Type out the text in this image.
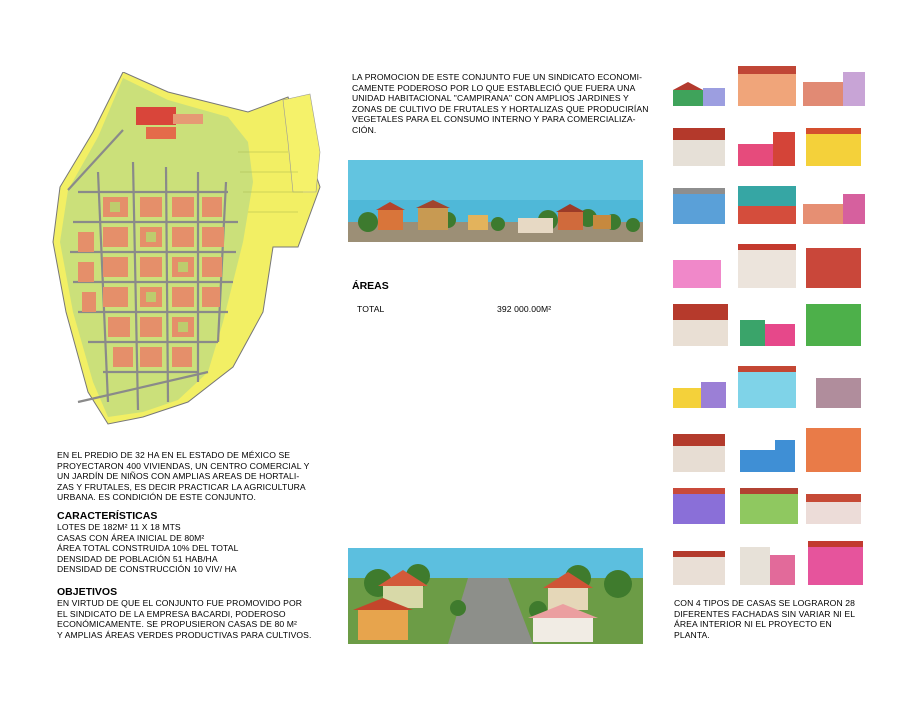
LA PROMOCION DE ESTE CONJUNTO FUE UN SINDICATO ECONOMI-
CAMENTE PODEROSO POR LO QUE ESTABLECIÓ QUE FUERA UNA
UNIDAD HABITACIONAL "CAMPIRANA" CON AMPLIOS JARDINES Y
ZONAS DE CULTIVO DE FRUTALES Y HORTALIZAS QUE PRODUCIRÍAN
VEGETALES PARA EL CONSUMO INTERNO Y PARA COMERCIALIZA-
CIÓN.
ÁREAS
TOTAL	392 000.00M²
EN EL PREDIO DE 32 HA EN EL ESTADO DE MÉXICO SE
PROYECTARON 400 VIVIENDAS, UN CENTRO COMERCIAL Y
UN JARDÍN DE NIÑOS CON AMPLIAS AREAS DE HORTALI-
ZAS Y FRUTALES, ES DECIR PRACTICAR LA AGRICULTURA
URBANA. ES CONDICIÓN DE ESTE CONJUNTO.
CARACTERÍSTICAS
LOTES DE 182M² 11 X 18 MTS
CASAS CON ÁREA INICIAL DE 80M²
ÁREA TOTAL CONSTRUIDA 10% DEL TOTAL
DENSIDAD DE POBLACIÓN 51 HAB/HA
DENSIDAD DE CONSTRUCCIÓN 10 VIV/ HA
OBJETIVOS
EN VIRTUD DE QUE EL CONJUNTO FUE PROMOVIDO POR
EL SINDICATO DE LA EMPRESA BACARDI, PODEROSO
ECONÓMICAMENTE. SE PROPUSIERON CASAS DE 80 M²
Y AMPLIAS ÁREAS VERDES PRODUCTIVAS PARA CULTIVOS.
CON 4 TIPOS DE CASAS SE LOGRARON 28
DIFERENTES FACHADAS SIN VARIAR NI EL
ÁREA INTERIOR NI EL PROYECTO EN
PLANTA.
